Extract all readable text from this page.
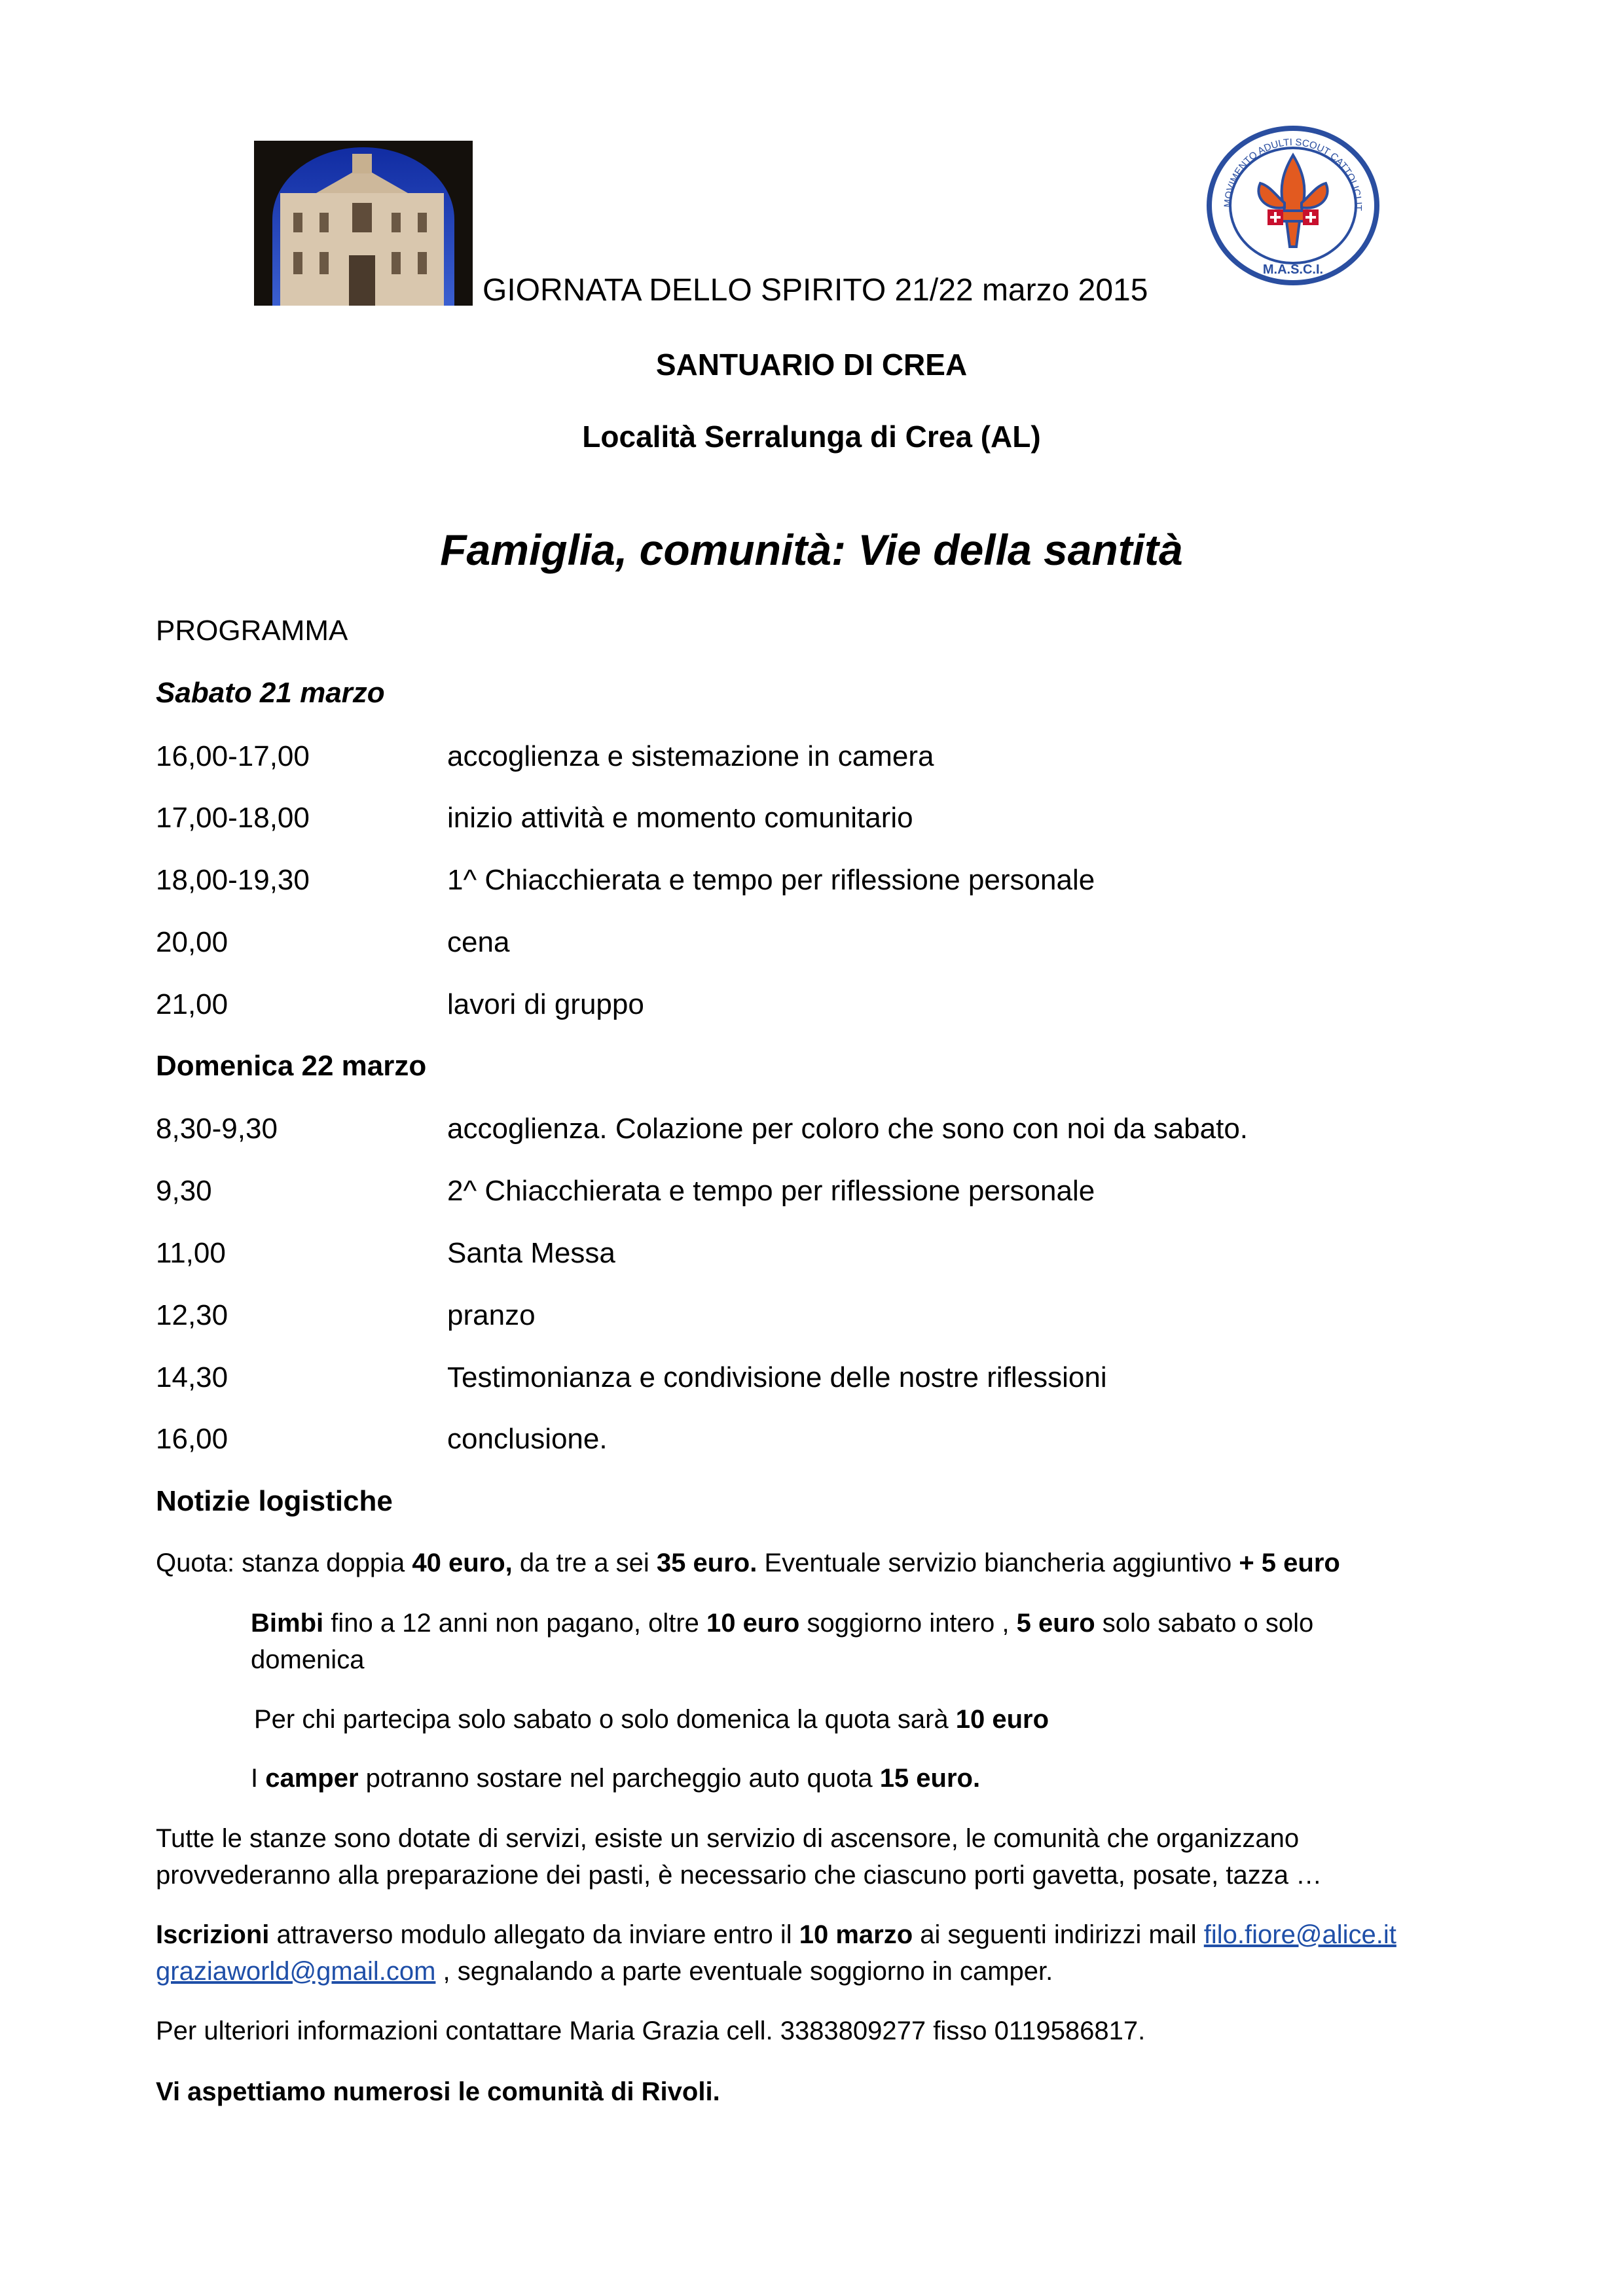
MOVIMENTO ADULTI SCOUT CATTOLICI IT
M.A.S.C.I.
GIORNATA DELLO SPIRITO 21/22 marzo 2015
SANTUARIO DI CREA
Località Serralunga di Crea (AL)
Famiglia, comunità: Vie della santità
PROGRAMMA
Sabato 21 marzo
16,00-17,00	accoglienza e sistemazione in camera
17,00-18,00	inizio attività e momento comunitario
18,00-19,30	1^ Chiacchierata e tempo per riflessione personale
20,00	cena
21,00	lavori di gruppo
Domenica 22 marzo
8,30-9,30	accoglienza. Colazione per coloro che sono con noi da sabato.
9,30	2^ Chiacchierata e tempo per riflessione personale
11,00	Santa Messa
12,30	pranzo
14,30	Testimonianza e condivisione delle nostre riflessioni
16,00	conclusione.
Notizie logistiche
Quota: stanza doppia 40 euro, da tre a sei 35 euro. Eventuale servizio biancheria aggiuntivo + 5 euro
Bimbi fino a 12 anni non pagano, oltre 10 euro soggiorno intero , 5 euro solo sabato o solo
domenica
Per chi partecipa solo sabato o solo domenica la quota sarà 10 euro
I camper potranno sostare nel parcheggio auto quota 15 euro.
Tutte le stanze sono dotate di servizi, esiste un servizio di ascensore, le comunità che organizzano
provvederanno alla preparazione dei pasti, è necessario che ciascuno porti gavetta, posate, tazza …
Iscrizioni attraverso modulo allegato da inviare entro il 10 marzo ai seguenti indirizzi mail filo.fiore@alice.it
graziaworld@gmail.com , segnalando a parte eventuale soggiorno in camper.
Per ulteriori informazioni contattare Maria Grazia cell. 3383809277 fisso 0119586817.
Vi aspettiamo numerosi le comunità di Rivoli.
